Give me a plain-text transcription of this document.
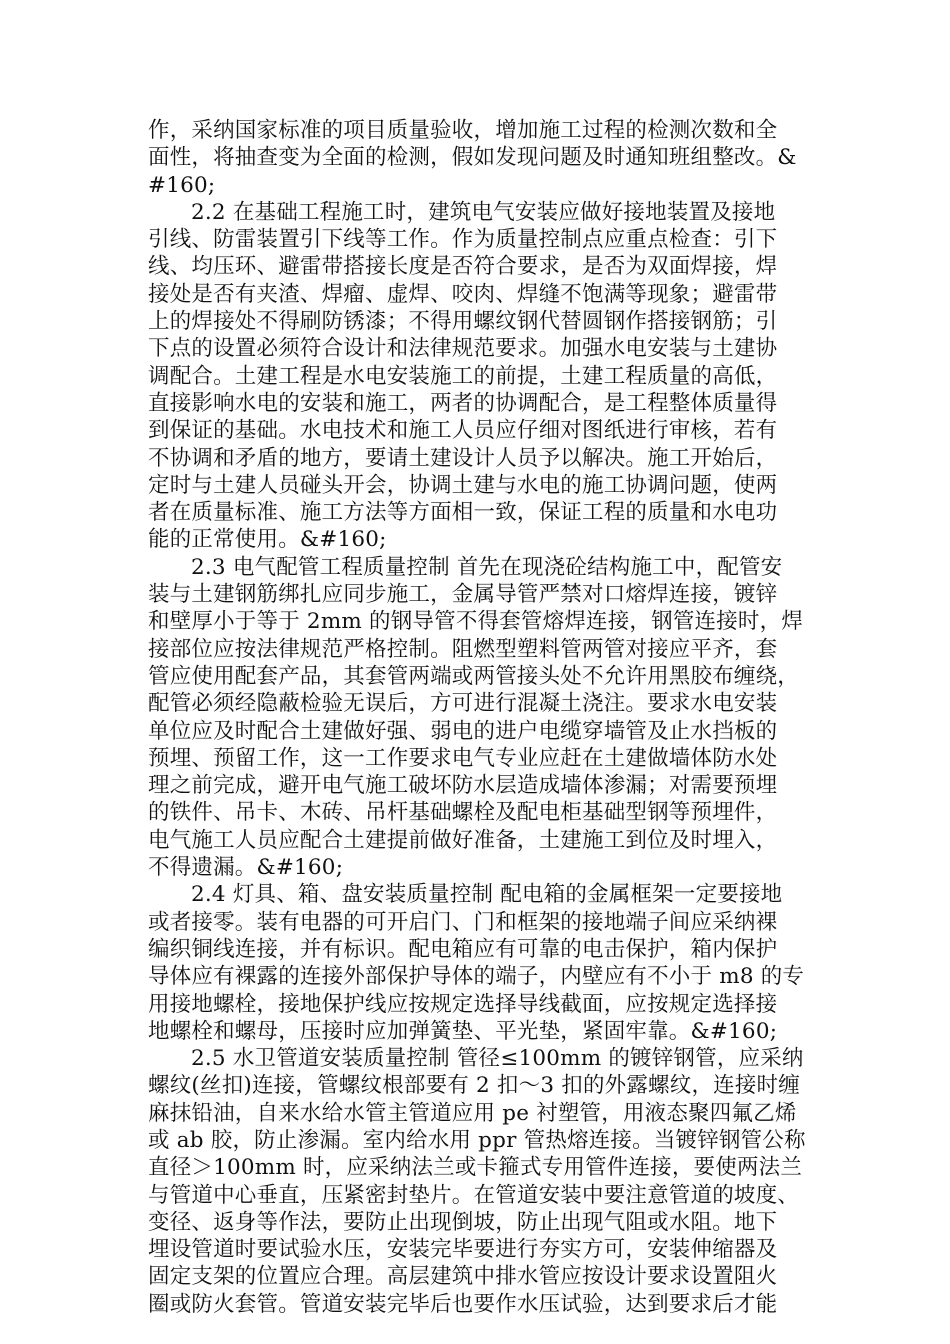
作，采纳国家标准的项目质量验收，增加施工过程的检测次数和全
面性，将抽查变为全面的检测，假如发现问题及时通知班组整改。&
#160;
2.2 在基础工程施工时，建筑电气安装应做好接地装置及接地
引线、防雷装置引下线等工作。作为质量控制点应重点检查：引下
线、均压环、避雷带搭接长度是否符合要求，是否为双面焊接，焊
接处是否有夹渣、焊瘤、虚焊、咬肉、焊缝不饱满等现象；避雷带
上的焊接处不得刷防锈漆；不得用螺纹钢代替圆钢作搭接钢筋；引
下点的设置必须符合设计和法律规范要求。加强水电安装与土建协
调配合。土建工程是水电安装施工的前提，土建工程质量的高低，
直接影响水电的安装和施工，两者的协调配合，是工程整体质量得
到保证的基础。水电技术和施工人员应仔细对图纸进行审核，若有
不协调和矛盾的地方，要请土建设计人员予以解决。施工开始后，
定时与土建人员碰头开会，协调土建与水电的施工协调问题，使两
者在质量标准、施工方法等方面相一致，保证工程的质量和水电功
能的正常使用。&#160;
2.3 电气配管工程质量控制 首先在现浇砼结构施工中，配管安
装与土建钢筋绑扎应同步施工，金属导管严禁对口熔焊连接，镀锌
和壁厚小于等于 2mm 的钢导管不得套管熔焊连接，钢管连接时，焊
接部位应按法律规范严格控制。阻燃型塑料管两管对接应平齐，套
管应使用配套产品，其套管两端或两管接头处不允许用黑胶布缠绕，
配管必须经隐蔽检验无误后，方可进行混凝土浇注。要求水电安装
单位应及时配合土建做好强、弱电的进户电缆穿墙管及止水挡板的
预埋、预留工作，这一工作要求电气专业应赶在土建做墙体防水处
理之前完成，避开电气施工破坏防水层造成墙体渗漏；对需要预埋
的铁件、吊卡、木砖、吊杆基础螺栓及配电柜基础型钢等预埋件，
电气施工人员应配合土建提前做好准备，土建施工到位及时埋入，
不得遗漏。&#160;
2.4 灯具、箱、盘安装质量控制 配电箱的金属框架一定要接地
或者接零。装有电器的可开启门、门和框架的接地端子间应采纳裸
编织铜线连接，并有标识。配电箱应有可靠的电击保护，箱内保护
导体应有裸露的连接外部保护导体的端子，内壁应有不小于 m8 的专
用接地螺栓，接地保护线应按规定选择导线截面，应按规定选择接
地螺栓和螺母，压接时应加弹簧垫、平光垫，紧固牢靠。&#160;
2.5 水卫管道安装质量控制 管径≤100mm 的镀锌钢管，应采纳
螺纹(丝扣)连接，管螺纹根部要有 2 扣～3 扣的外露螺纹，连接时缠
麻抹铅油，自来水给水管主管道应用 pe 衬塑管，用液态聚四氟乙烯
或 ab 胶，防止渗漏。室内给水用 ppr 管热熔连接。当镀锌钢管公称
直径＞100mm 时，应采纳法兰或卡箍式专用管件连接，要使两法兰
与管道中心垂直，压紧密封垫片。在管道安装中要注意管道的坡度、
变径、返身等作法，要防止出现倒坡，防止出现气阻或水阻。地下
埋设管道时要试验水压，安装完毕要进行夯实方可，安装伸缩器及
固定支架的位置应合理。高层建筑中排水管应按设计要求设置阻火
圈或防火套管。管道安装完毕后也要作水压试验，达到要求后才能
